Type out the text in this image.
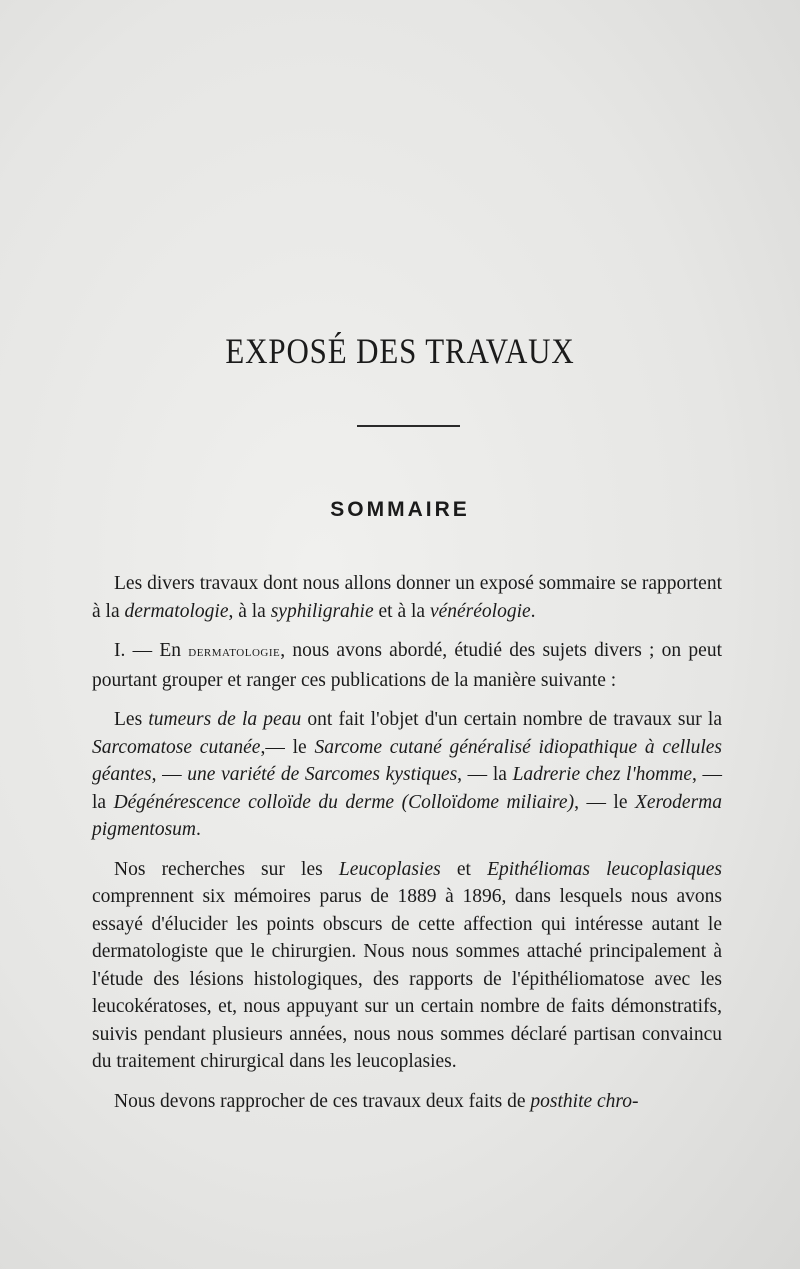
EXPOSÉ DES TRAVAUX
SOMMAIRE

Les divers travaux dont nous allons donner un exposé sommaire se rapportent à la dermatologie, à la syphiligrahie et à la vénéréologie.

I. — En dermatologie, nous avons abordé, étudié des sujets divers ; on peut pourtant grouper et ranger ces publications de la manière suivante :

Les tumeurs de la peau ont fait l'objet d'un certain nombre de travaux sur la Sarcomatose cutanée,— le Sarcome cutané généralisé idiopathique à cellules géantes, — une variété de Sarcomes kystiques, — la Ladrerie chez l'homme, — la Dégénérescence colloïde du derme (Colloïdome miliaire), — le Xeroderma pigmentosum.

Nos recherches sur les Leucoplasies et Epithéliomas leucoplasiques comprennent six mémoires parus de 1889 à 1896, dans lesquels nous avons essayé d'élucider les points obscurs de cette affection qui intéresse autant le dermatologiste que le chirurgien. Nous nous sommes attaché principalement à l'étude des lésions histologiques, des rapports de l'épithéliomatose avec les leucokératoses, et, nous appuyant sur un certain nombre de faits démonstratifs, suivis pendant plusieurs années, nous nous sommes déclaré partisan convaincu du traitement chirurgical dans les leucoplasies.

Nous devons rapprocher de ces travaux deux faits de posthite chro-
